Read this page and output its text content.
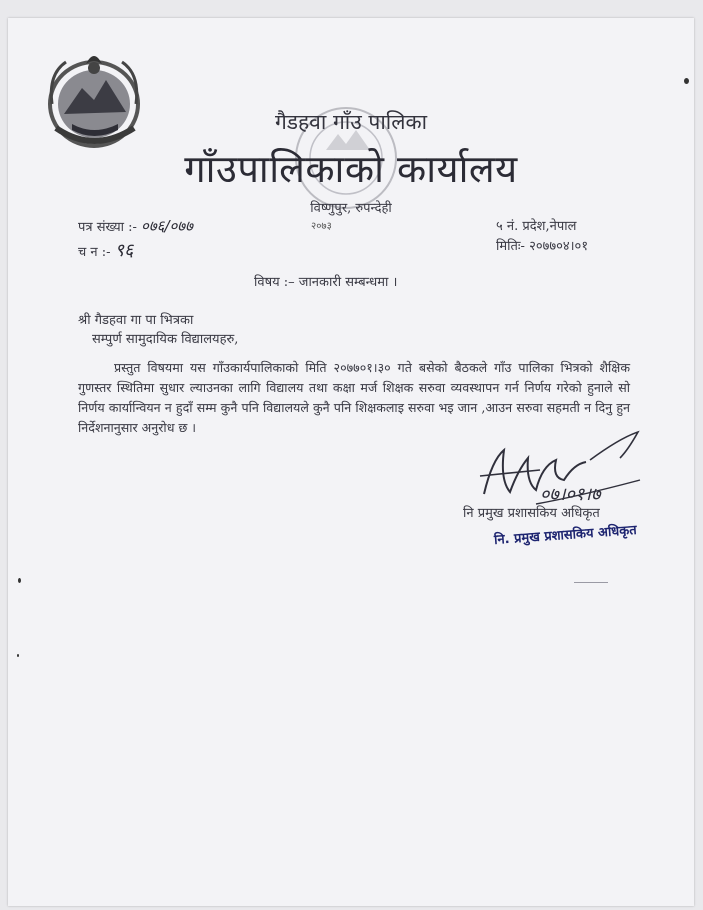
गैडहवा गाँउ पालिका
गाँउपालिकाको कार्यालय
विष्णुपुर, रुपन्देही
२०७३
पत्र संख्या :- ०७६/०७७
च न :- ९६
५ नं. प्रदेश,नेपाल
मितिः- २०७७०४।०१
विषय :– जानकारी सम्बन्धमा ।
श्री गैडहवा गा पा भित्रका
सम्पुर्ण सामुदायिक विद्यालयहरु,
प्रस्तुत विषयमा यस गाँउकार्यपालिकाको मिति २०७७०१।३० गते बसेको बैठकले गाँउ पालिका भित्रको शैक्षिक गुणस्तर स्थितिमा सुधार ल्याउनका लागि विद्यालय तथा कक्षा मर्ज शिक्षक सरुवा व्यवस्थापन गर्न निर्णय गरेको हुनाले सो निर्णय कार्यान्वियन न हुदाँ सम्म कुनै पनि विद्यालयले कुनै पनि शिक्षकलाइ सरुवा भइ जान ,आउन सरुवा सहमती न दिनु हुन निर्देशनानुसार अनुरोध छ ।
०७।०१।७
नि प्रमुख प्रशासकिय अधिकृत
नि. प्रमुख प्रशासकिय अधिकृत
